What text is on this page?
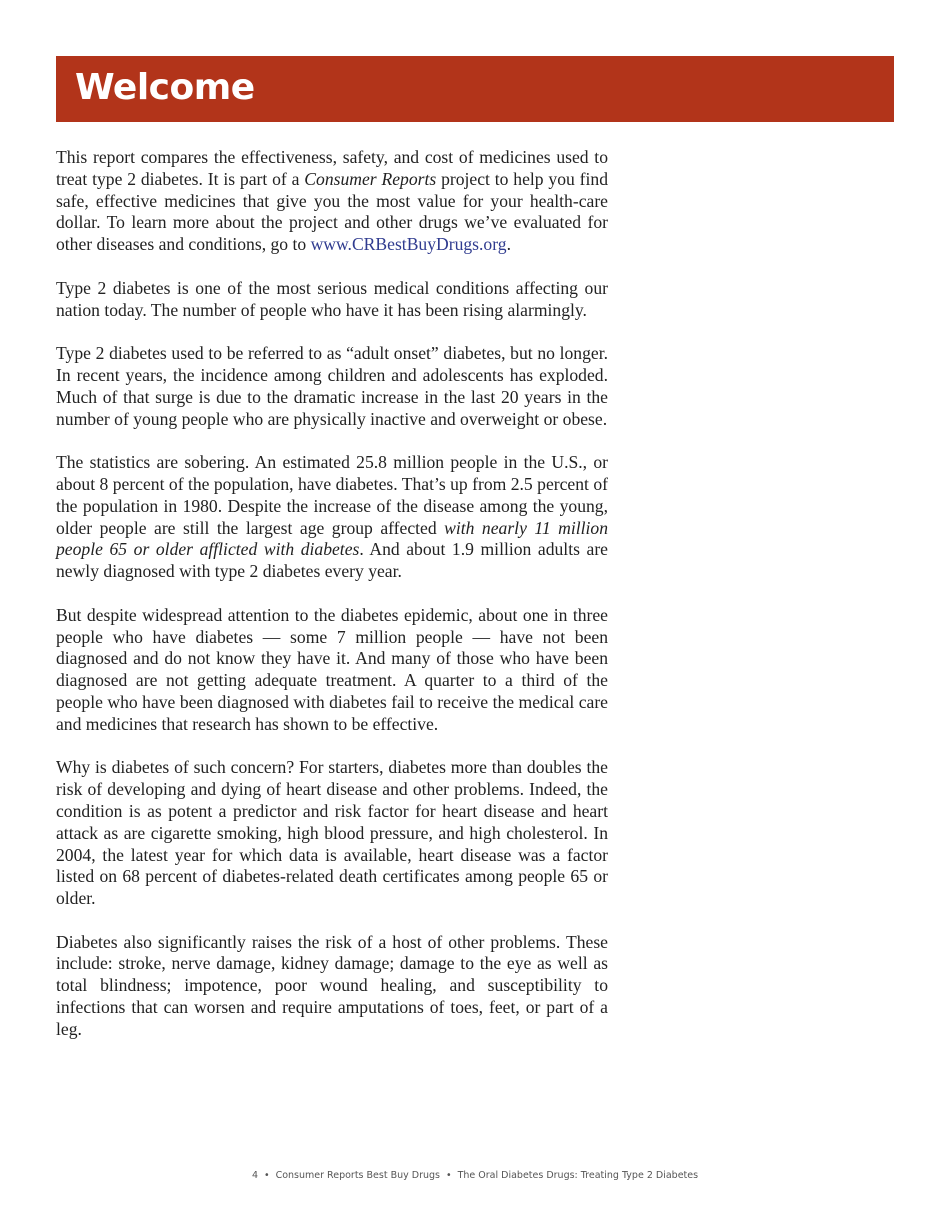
Welcome

This report compares the effectiveness, safety, and cost of medicines used to treat type 2 diabetes. It is part of a Consumer Reports project to help you find safe, effective medicines that give you the most value for your health-care dollar. To learn more about the project and other drugs we’ve evaluated for other diseases and conditions, go to www.CRBestBuyDrugs.org.

Type 2 diabetes is one of the most serious medical conditions affecting our nation today. The number of people who have it has been rising alarmingly.

Type 2 diabetes used to be referred to as “adult onset” diabetes, but no longer. In recent years, the incidence among children and adolescents has exploded. Much of that surge is due to the dramatic increase in the last 20 years in the number of young people who are physically inactive and overweight or obese.

The statistics are sobering. An estimated 25.8 million people in the U.S., or about 8 percent of the population, have diabetes. That’s up from 2.5 percent of the population in 1980. Despite the increase of the disease among the young, older people are still the largest age group affected with nearly 11 million people 65 or older afflicted with diabetes. And about 1.9 million adults are newly diagnosed with type 2 diabetes every year.

But despite widespread attention to the diabetes epidemic, about one in three people who have diabetes — some 7 million people — have not been diagnosed and do not know they have it. And many of those who have been diagnosed are not getting adequate treatment. A quarter to a third of the people who have been diagnosed with diabetes fail to receive the medical care and medicines that research has shown to be effective.

Why is diabetes of such concern? For starters, diabetes more than doubles the risk of developing and dying of heart disease and other problems. Indeed, the condition is as potent a predictor and risk factor for heart disease and heart attack as are cigarette smoking, high blood pressure, and high cholesterol. In 2004, the latest year for which data is available, heart disease was a factor listed on 68 percent of diabetes-related death certificates among people 65 or older.

Diabetes also significantly raises the risk of a host of other problems. These include: stroke, nerve damage, kidney damage; damage to the eye as well as total blindness; impotence, poor wound healing, and susceptibility to infections that can worsen and require amputations of toes, feet, or part of a leg.

4 • Consumer Reports Best Buy Drugs • The Oral Diabetes Drugs: Treating Type 2 Diabetes
